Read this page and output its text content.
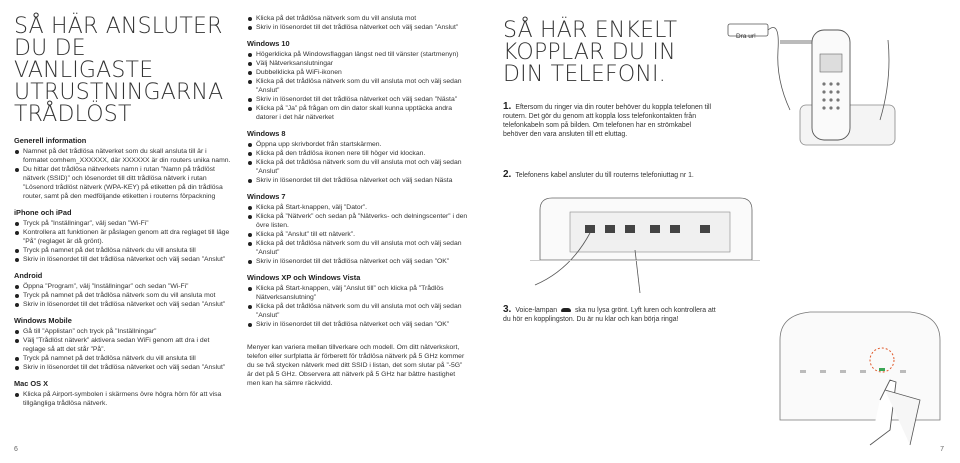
SÅ HÄR ANSLUTER
DU DE VANLIGASTE
UTRUSTNINGARNA
TRÅDLÖST
Generell information
Namnet på det trådlösa nätverket som du skall ansluta till är i formatet comhem_XXXXXX, där XXXXXX är din routers unika namn.
Du hittar det trådlösa nätverkets namn i rutan ”Namn på trådlöst nätverk (SSID)” och lösenordet till ditt trådlösa nätverk i rutan ”Lösenord trådlöst nätverk (WPA-KEY) på etiketten på din trådlösa router, samt på den medföljande etiketten i routerns förpackning
iPhone och iPad
Tryck på ”Inställningar”, välj sedan ”Wi-Fi”
Kontrollera att funktionen är påslagen genom att dra reglaget till läge ”På” (reglaget är då grönt).
Tryck på namnet på det trådlösa nätverk du vill ansluta till
Skriv in lösenordet till det trådlösa nätverket och välj sedan ”Anslut”
Android
Öppna ”Program”, välj ”Inställningar” och sedan ”Wi-Fi”
Tryck på namnet på det trådlösa nätverk som du vill ansluta mot
Skriv in lösenordet till det trådlösa nätverket och välj sedan ”Anslut”
Windows Mobile
Gå till ”Applistan” och tryck på ”Inställningar”
Välj ”Trådlöst nätverk” aktivera sedan WiFi genom att dra i det reglage så att det står ”På”.
Tryck på namnet på det trådlösa nätverk du vill ansluta till
Skriv in lösenordet till det trådlösa nätverket och välj sedan ”Anslut”
Mac OS X
Klicka på Airport-symbolen i skärmens övre högra hörn för att visa tillgängliga trådlösa nätverk.
6
Klicka på det trådlösa nätverk som du vill ansluta mot
Skriv in lösenordet till det trådlösa nätverket och välj sedan ”Anslut”
Windows 10
Högerklicka på Windowsflaggan längst ned till vänster (startmenyn)
Välj Nätverksanslutningar
Dubbelklicka på WiFi-ikonen
Klicka på det trådlösa nätverk som du vill ansluta mot och välj sedan ”Anslut”
Skriv in lösenordet till det trådlösa nätverket och välj sedan ”Nästa”
Klicka på ”Ja” på frågan om din dator skall kunna upptäcka andra datorer i det här nätverket
Windows 8
Öppna upp skrivbordet från startskärmen.
Klicka på den trådlösa ikonen nere till höger vid klockan.
Klicka på det trådlösa nätverk som du vill ansluta mot och välj sedan ”Anslut”
Skriv in lösenordet till det trådlösa nätverket och välj sedan Nästa
Windows 7
Klicka på Start-knappen, välj ”Dator”.
Klicka på ”Nätverk” och sedan på ”Nätverks- och delningscenter” i den övre listen.
Klicka på ”Anslut” till ett nätverk”.
Klicka på det trådlösa nätverk som du vill ansluta mot och välj sedan ”Anslut”
Skriv in lösenordet till det trådlösa nätverket och välj sedan ”OK”
Windows XP och Windows Vista
Klicka på Start-knappen, välj ”Anslut till” och klicka på ”Trådlös Nätverksanslutning”
Klicka på det trådlösa nätverk som du vill ansluta mot och välj sedan ”Anslut”
Skriv in lösenordet till det trådlösa nätverket och välj sedan ”OK”

Menyer kan variera mellan tillverkare och modell. Om ditt nätverkskort, telefon eller surfplatta är förberett för trådlösa nätverk på 5 GHz kommer du se två stycken nätverk med ditt SSID i listan, det som slutar på ”-5G” är det på 5 GHz. Observera att nätverk på 5 GHz har bättre hastighet men kan ha sämre räckvidd.

SÅ HÄR ENKELT
KOPPLAR DU IN
DIN TELEFONI.
1. Eftersom du ringer via din router behöver du koppla telefonen till routern. Det gör du genom att koppla loss telefonkontakten från telefonkabeln som på bilden. Om telefonen har en strömkabel behöver den vara ansluten till ett eluttag.
2. Telefonens kabel ansluter du till routerns telefoniuttag nr 1.
3. Voice-lampan	ska nu lysa grönt. Lyft luren och kontrollera att du hör en kopplingston. Du är nu klar och kan börja ringa!
Dra ur!
7
